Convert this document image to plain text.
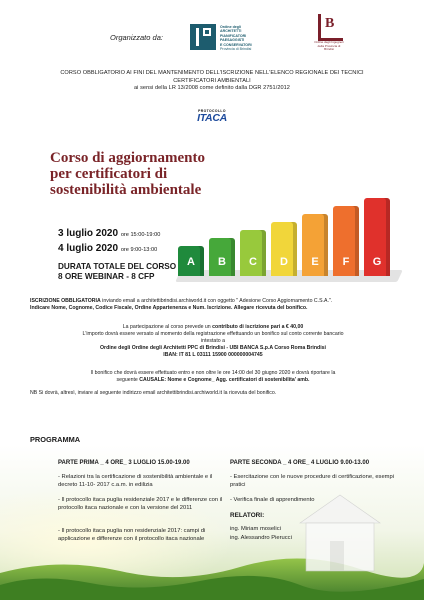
Organizzato da:
Ordine degli
ARCHITETTI
PIANIFICATORI
PAESAGGISTI
E CONSERVATORI
Provincia di Brindisi
B
Ordine degli Ingegneri
della Provincia di
Brindisi
CORSO OBBLIGATORIO AI FINI DEL MANTENIMENTO DELL'ISCRIZIONE NELL'ELENCO REGIONALE DEI TECNICI
CERTIFICATORI AMBIENTALI
ai sensi della LR 13/2008 come definito dalla DGR 2751/2012
PROTOCOLLO
ITACA
Corso di aggiornamento
per certificatori di
sostenibilità ambientale
3 luglio 2020 ore 15:00-19:00
4 luglio 2020 ore 9:00-13:00
DURATA TOTALE DEL CORSO
8 ORE WEBINAR - 8 CFP
A	B	C	D	E	F	G
ISCRIZIONE OBBLIGATORIA inviando email a architettibrindisi.archiworld.it con oggetto " Adesione Corso Aggiornamento C.S.A.".
Indicare Nome, Cognome, Codice Fiscale, Ordine Appartenenza e Num. Iscrizione. Allegare ricevuta del bonifico.
La partecipazione al corso prevede un contributo di iscrizione pari a € 40,00
L'importo dovrà essere versato al momento della registrazione effettuando un bonifico sul conto corrente bancario
intestato a
Ordine degli Ordine degli Architetti PPC di Brindisi - UBI BANCA S.p.A Corso Roma Brindisi
IBAN: IT 81 L 03111 15900 000000004745
Il bonifico che dovrà essere effettuato entro e non oltre le ore 14:00 del 30 giugno 2020 e dovrà riportare la
seguente CAUSALE: Nome e Cognome_ Agg. certificatori di sostenibilita' amb.
NB Si dovrà, altresì, inviare al seguente indirizzo email architettibrindisi.archiworld.it la ricevuta del bonifico.
PROGRAMMA
PARTE PRIMA _ 4 ORE_ 3 LUGLIO 15.00-19.00
- Relazioni tra la certificazione di sostenibilità ambientale e il decreto 11-10- 2017 c.a.m. in edilizia
- Il protocollo itaca puglia residenziale 2017 e le differenze con il protocollo itaca nazionale e con la versione del 2011
- Il protocollo itaca puglia non residenziale 2017: campi di applicazione e differenze con il protocollo itaca nazionale
PARTE SECONDA _ 4 ORE_ 4 LUGLIO 9.00-13.00
- Esercitazione con le nuove procedure di certificazione, esempi pratici
- Verifica finale di apprendimento
RELATORI:
ing. Miriam moselici
ing. Alessandro Pierucci
